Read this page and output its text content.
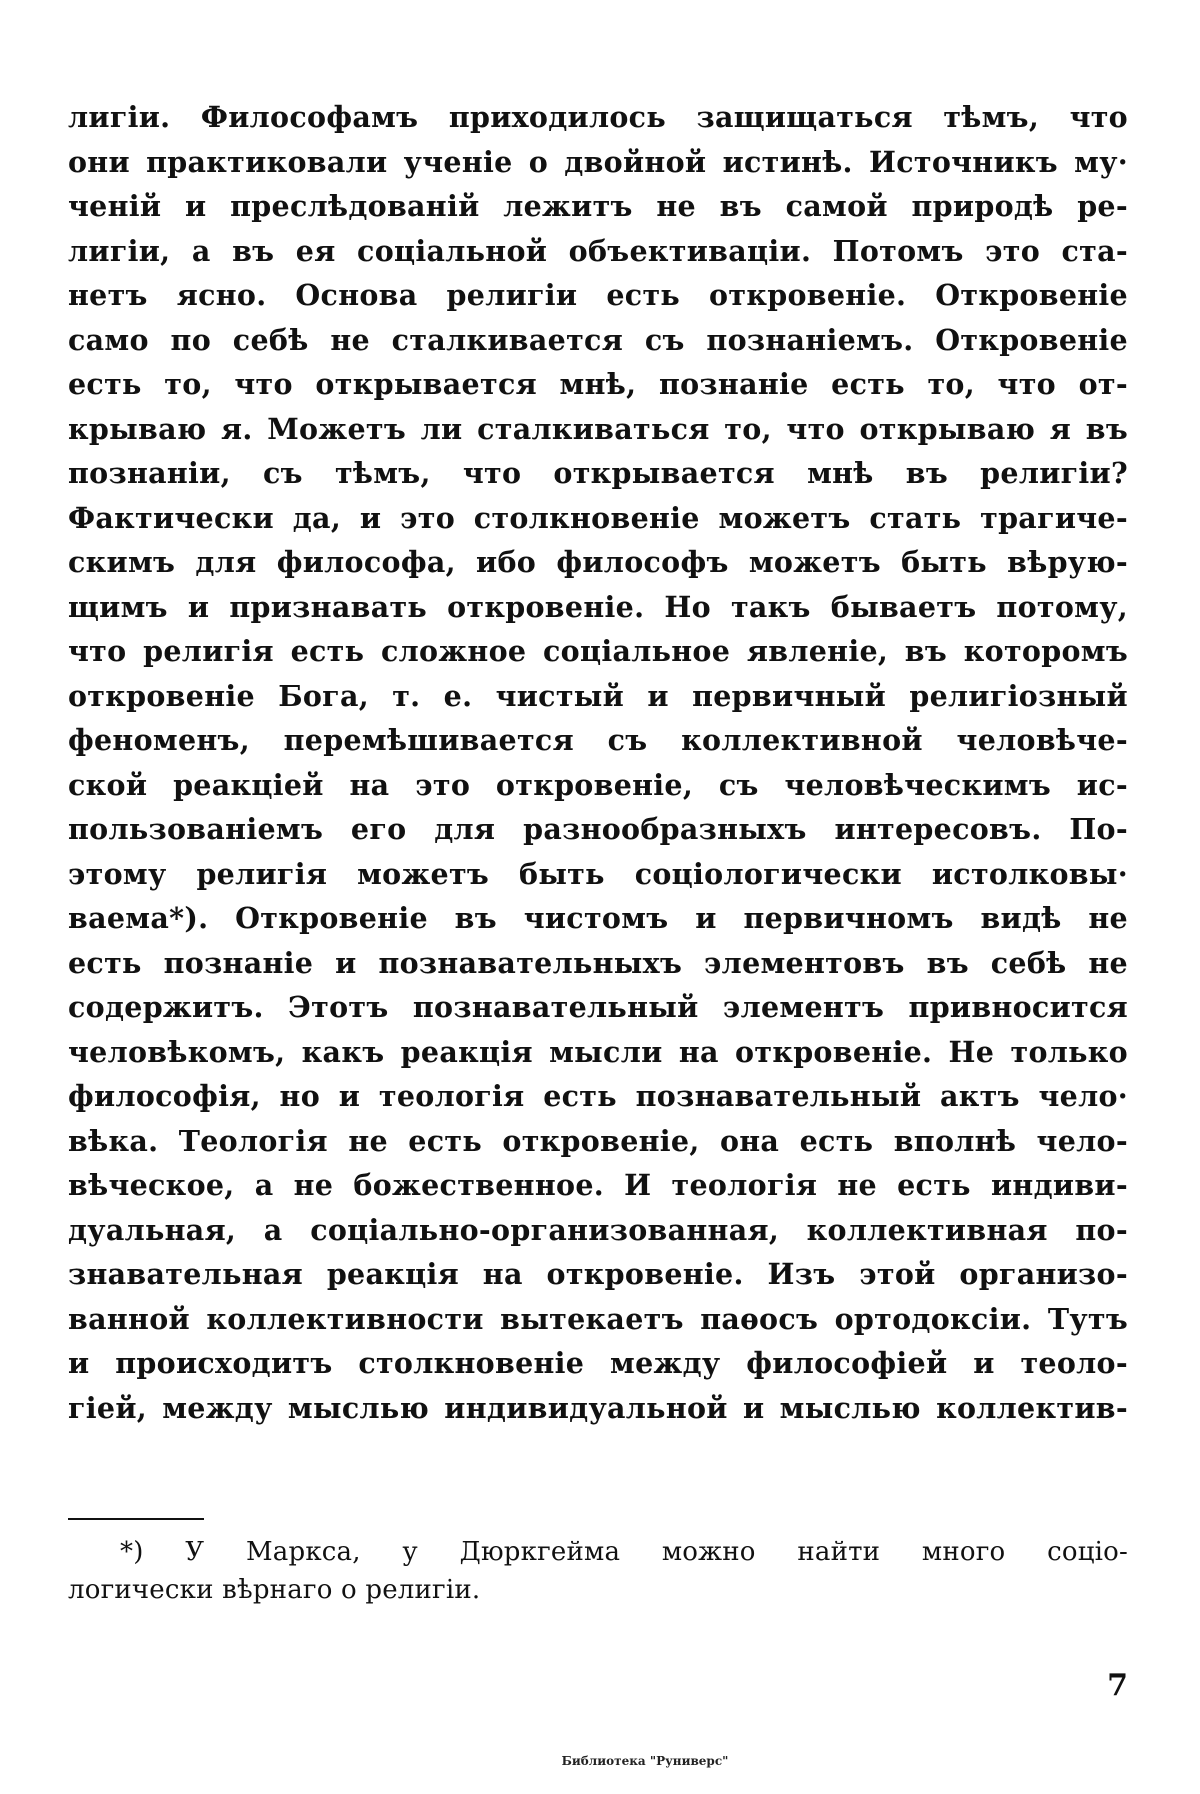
лигіи. Философамъ приходилось защищаться тѣмъ, что
они практиковали ученіе о двойной истинѣ. Источникъ му·
ченій и преслѣдованій лежитъ не въ самой природѣ ре-
лигіи, а въ ея соціальной объективаціи. Потомъ это ста-
нетъ ясно. Основа религіи есть откровеніе. Откровеніе
само по себѣ не сталкивается съ познаніемъ. Откровеніе
есть то, что открывается мнѣ, познаніе есть то, что от-
крываю я. Можетъ ли сталкиваться то, что открываю я въ
познаніи, съ тѣмъ, что открывается мнѣ въ религіи?
Фактически да, и это столкновеніе можетъ стать трагиче-
скимъ для философа, ибо философъ можетъ быть вѣрую-
щимъ и признавать откровеніе. Но такъ бываетъ потому,
что религія есть сложное соціальное явленіе, въ которомъ
откровеніе Бога, т. е. чистый и первичный религіозный
феноменъ, перемѣшивается съ коллективной человѣче-
ской реакціей на это откровеніе, съ человѣческимъ ис-
пользованіемъ его для разнообразныхъ интересовъ. По-
этому религія можетъ быть соціологически истолковы·
ваема*). Откровеніе въ чистомъ и первичномъ видѣ не
есть познаніе и познавательныхъ элементовъ въ себѣ не
содержитъ. Этотъ познавательный элементъ привносится
человѣкомъ, какъ реакція мысли на откровеніе. Не только
философія, но и теологія есть познавательный актъ чело·
вѣка. Теологія не есть откровеніе, она есть вполнѣ чело-
вѣческое, а не божественное. И теологія не есть индиви-
дуальная, а соціально-организованная, коллективная по-
знавательная реакція на откровеніе. Изъ этой организо-
ванной коллективности вытекаетъ паѳосъ ортодоксіи. Тутъ
и происходитъ столкновеніе между философіей и теоло-
гіей, между мыслью индивидуальной и мыслью коллектив-
*) У Маркса, у Дюркгейма можно найти много соціо-
логически вѣрнаго о религіи.
7
Библиотека "Руниверс"
